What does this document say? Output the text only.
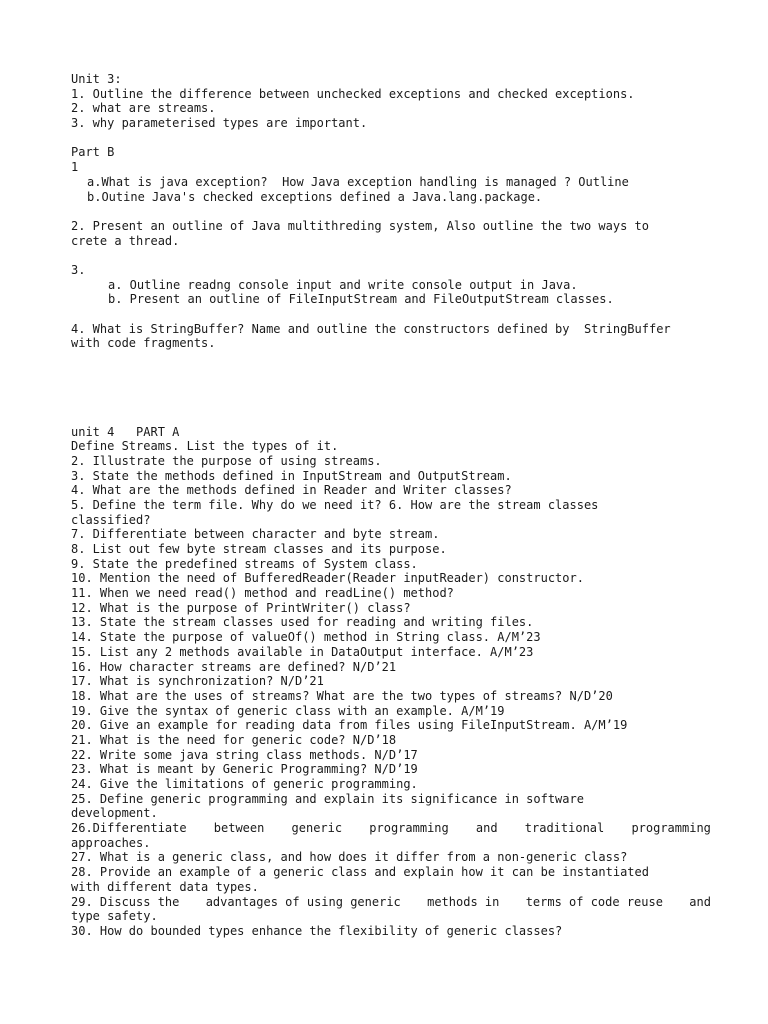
Unit 3:
1. Outline the difference between unchecked exceptions and checked exceptions.
2. what are streams.
3. why parameterised types are important.
Part B
1
a.What is java exception?  How Java exception handling is managed ? Outline
b.Outine Java's checked exceptions defined a Java.lang.package.
2. Present an outline of Java multithreding system, Also outline the two ways to
crete a thread.
3.
a. Outline readng console input and write console output in Java.
b. Present an outline of FileInputStream and FileOutputStream classes.
4. What is StringBuffer? Name and outline the constructors defined by  StringBuffer
with code fragments.
unit 4   PART A
Define Streams. List the types of it.
2. Illustrate the purpose of using streams.
3. State the methods defined in InputStream and OutputStream.
4. What are the methods defined in Reader and Writer classes?
5. Define the term file. Why do we need it? 6. How are the stream classes
classified?
7. Differentiate between character and byte stream.
8. List out few byte stream classes and its purpose.
9. State the predefined streams of System class.
10. Mention the need of BufferedReader(Reader inputReader) constructor.
11. When we need read() method and readLine() method?
12. What is the purpose of PrintWriter() class?
13. State the stream classes used for reading and writing files.
14. State the purpose of valueOf() method in String class. A/M’23
15. List any 2 methods available in DataOutput interface. A/M’23
16. How character streams are defined? N/D’21
17. What is synchronization? N/D’21
18. What are the uses of streams? What are the two types of streams? N/D’20
19. Give the syntax of generic class with an example. A/M’19
20. Give an example for reading data from files using FileInputStream. A/M’19
21. What is the need for generic code? N/D’18
22. Write some java string class methods. N/D’17
23. What is meant by Generic Programming? N/D’19
24. Give the limitations of generic programming.
25. Define generic programming and explain its significance in software
development.
26.Differentiate between generic programming and traditional programming
approaches.
27. What is a generic class, and how does it differ from a non-generic class?
28. Provide an example of a generic class and explain how it can be instantiated
with different data types.
29. Discuss the advantages of using generic methods in terms of code reuse and
type safety.
30. How do bounded types enhance the flexibility of generic classes?
